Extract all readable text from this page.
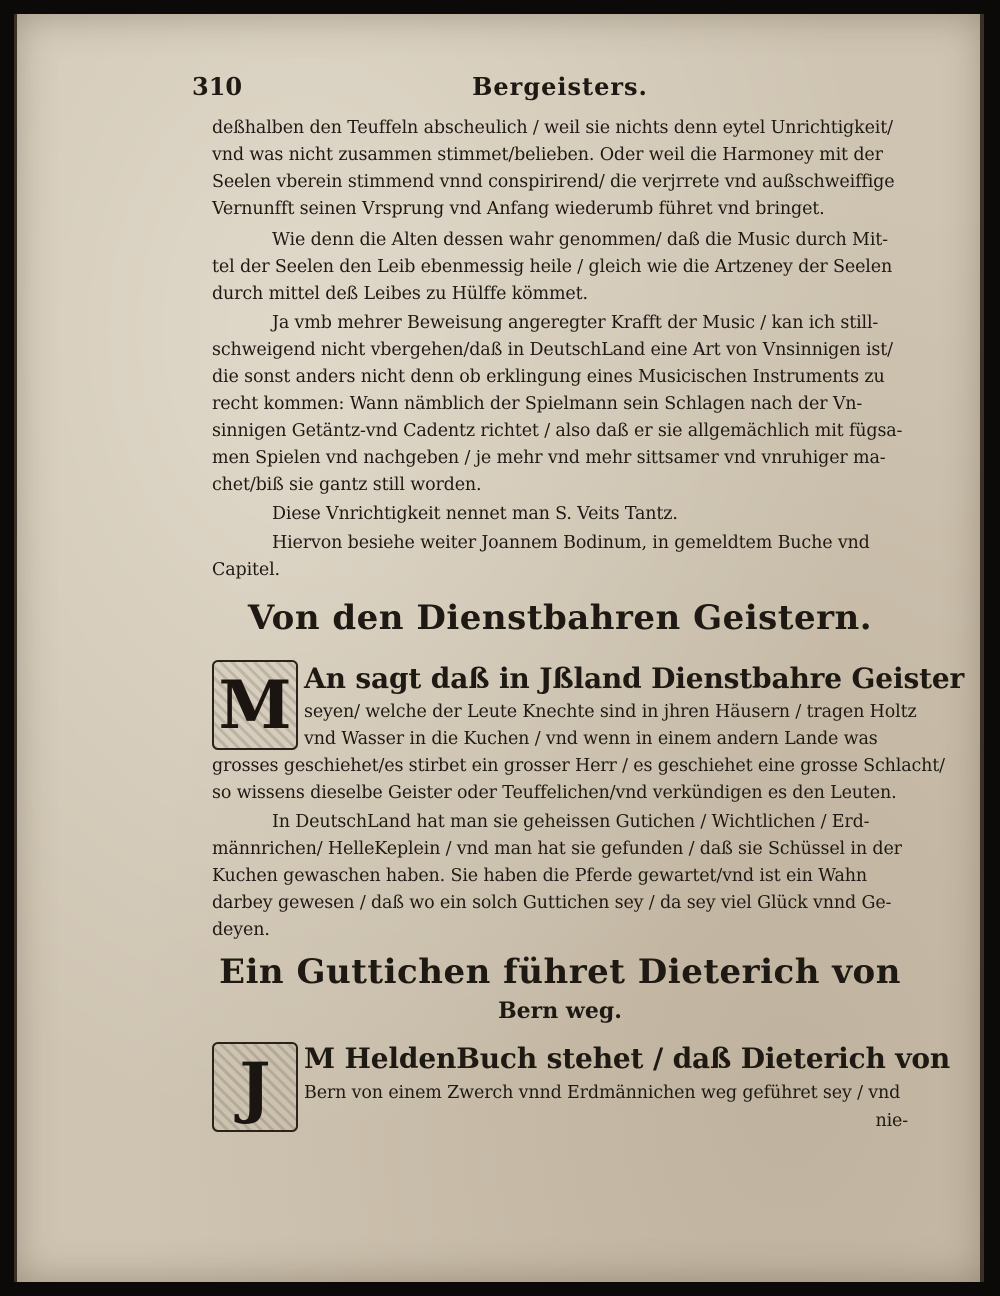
310	Bergeisters.
deßhalben den Teuffeln abscheulich / weil sie nichts denn eytel Unrichtigkeit/
vnd was nicht zusammen stimmet/belieben. Oder weil die Harmoney mit der
Seelen vberein stimmend vnnd conspirirend/ die verjrrete vnd außschweiffige
Vernunfft seinen Vrsprung vnd Anfang wiederumb führet vnd bringet.
Wie denn die Alten dessen wahr genommen/ daß die Music durch Mit-
tel der Seelen den Leib ebenmessig heile / gleich wie die Artzeney der Seelen
durch mittel deß Leibes zu Hülffe kömmet.
Ja vmb mehrer Beweisung angeregter Krafft der Music / kan ich still-
schweigend nicht vbergehen/daß in DeutschLand eine Art von Vnsinnigen ist/
die sonst anders nicht denn ob erklingung eines Musicischen Instruments zu
recht kommen: Wann nämblich der Spielmann sein Schlagen nach der Vn-
sinnigen Getäntz-vnd Cadentz richtet / also daß er sie allgemächlich mit fügsa-
men Spielen vnd nachgeben / je mehr vnd mehr sittsamer vnd vnruhiger ma-
chet/biß sie gantz still worden.
Diese Vnrichtigkeit nennet man S. Veits Tantz.
Hiervon besiehe weiter Joannem Bodinum, in gemeldtem Buche vnd
Capitel.
Von den Dienstbahren Geistern.
M An sagt daß in Jßland Dienstbahre Geister
seyen/ welche der Leute Knechte sind in jhren Häusern / tragen Holtz
vnd Wasser in die Kuchen / vnd wenn in einem andern Lande was
grosses geschiehet/es stirbet ein grosser Herr / es geschiehet eine grosse Schlacht/
so wissens dieselbe Geister oder Teuffelichen/vnd verkündigen es den Leuten.
In DeutschLand hat man sie geheissen Gutichen / Wichtlichen / Erd-
männrichen/ HelleKeplein / vnd man hat sie gefunden / daß sie Schüssel in der
Kuchen gewaschen haben. Sie haben die Pferde gewartet/vnd ist ein Wahn
darbey gewesen / daß wo ein solch Guttichen sey / da sey viel Glück vnnd Ge-
deyen.
Ein Guttichen führet Dieterich von
Bern weg.
J	M HeldenBuch stehet / daß Dieterich von
Bern von einem Zwerch vnnd Erdmännichen weg geführet sey / vnd
nie-
